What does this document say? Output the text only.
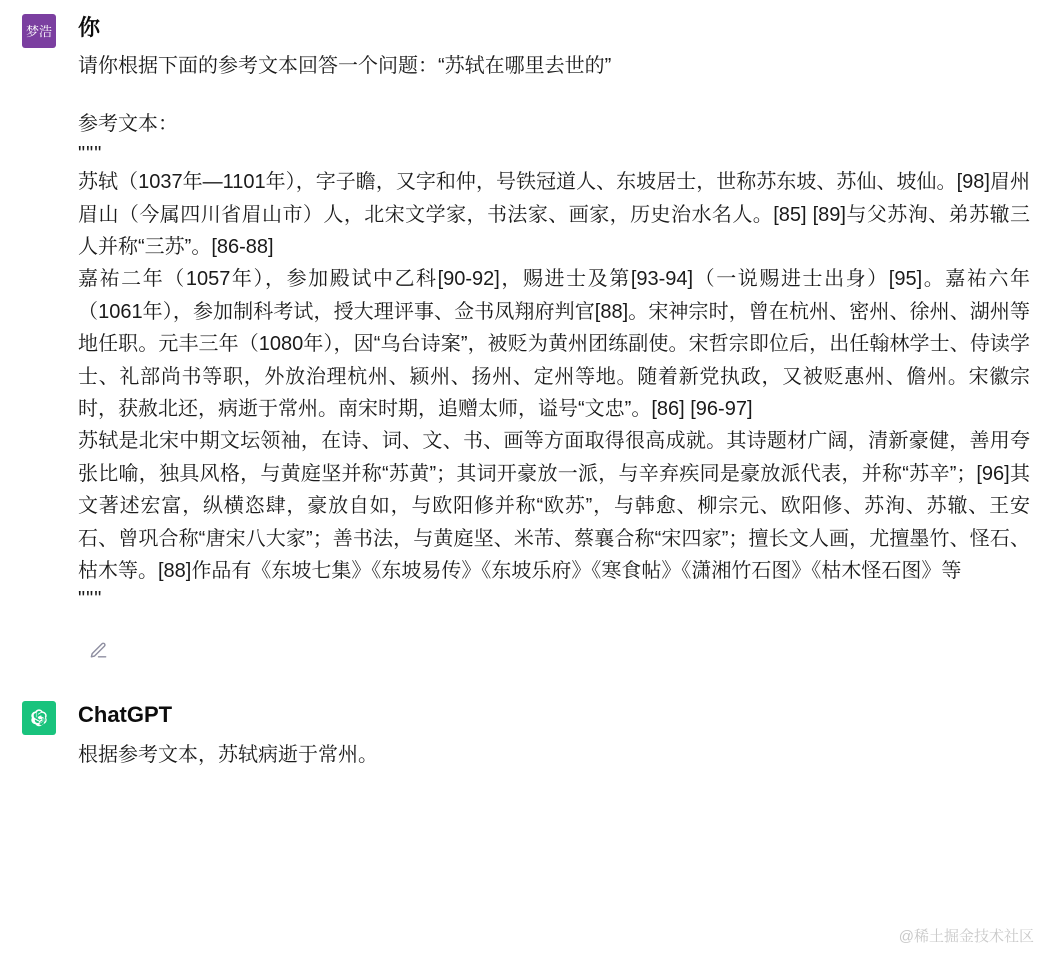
梦浩 你
请你根据下面的参考文本回答一个问题：“苏轼在哪里去世的”
参考文本：
"""

苏轼（1037年—1101年），字子瞻，又字和仲，号铁冠道人、东坡居士，世称苏东坡、苏仙、坡仙。[98]眉州眉山（今属四川省眉山市）人，北宋文学家，书法家、画家，历史治水名人。[85] [89]与父苏洵、弟苏辙三人并称“三苏”。[86-88]

嘉祐二年（1057年），参加殿试中乙科[90-92]，赐进士及第[93-94]（一说赐进士出身）[95]。嘉祐六年（1061年），参加制科考试，授大理评事、佥书凤翔府判官[88]。宋神宗时，曾在杭州、密州、徐州、湖州等地任职。元丰三年（1080年），因“乌台诗案”，被贬为黄州团练副使。宋哲宗即位后，出任翰林学士、侍读学士、礼部尚书等职，外放治理杭州、颍州、扬州、定州等地。随着新党执政，又被贬惠州、儋州。宋徽宗时，获赦北还，病逝于常州。南宋时期，追赠太师，谥号“文忠”。[86] [96-97]

苏轼是北宋中期文坛领袖，在诗、词、文、书、画等方面取得很高成就。其诗题材广阔，清新豪健，善用夸张比喻，独具风格，与黄庭坚并称“苏黄”；其词开豪放一派，与辛弃疾同是豪放派代表，并称“苏辛”；[96]其文著述宏富，纵横恣肆，豪放自如，与欧阳修并称“欧苏”，与韩愈、柳宗元、欧阳修、苏洵、苏辙、王安石、曾巩合称“唐宋八大家”；善书法，与黄庭坚、米芾、蔡襄合称“宋四家”；擅长文人画，尤擅墨竹、怪石、枯木等。[88]作品有《东坡七集》《东坡易传》《东坡乐府》《寒食帖》《潇湘竹石图》《枯木怪石图》等

"""
ChatGPT
根据参考文本，苏轼病逝于常州。
@稀土掘金技术社区
